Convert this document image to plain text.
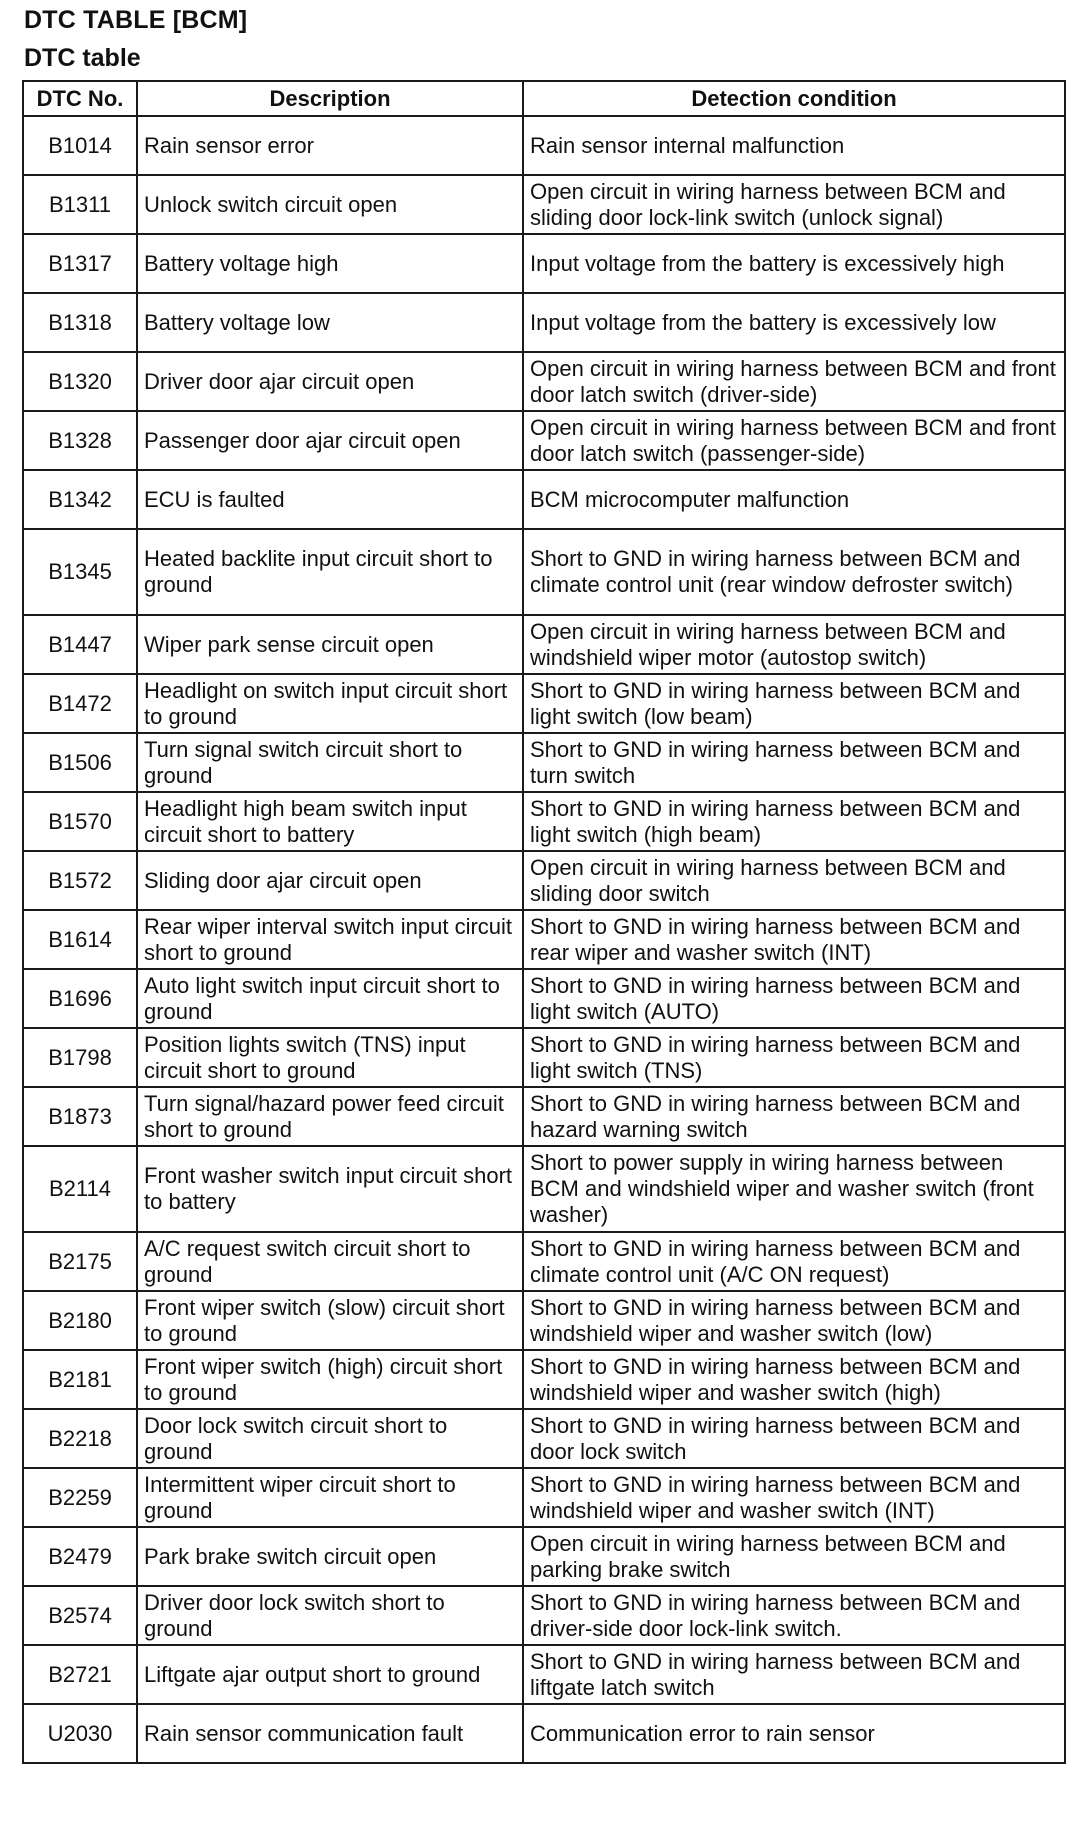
DTC TABLE [BCM]
DTC table
DTC No.	Description	Detection condition
B1014	Rain sensor error	Rain sensor internal malfunction
B1311	Unlock switch circuit open	Open circuit in wiring harness between BCM and sliding door lock-link switch (unlock signal)
B1317	Battery voltage high	Input voltage from the battery is excessively high
B1318	Battery voltage low	Input voltage from the battery is excessively low
B1320	Driver door ajar circuit open	Open circuit in wiring harness between BCM and front door latch switch (driver-side)
B1328	Passenger door ajar circuit open	Open circuit in wiring harness between BCM and front door latch switch (passenger-side)
B1342	ECU is faulted	BCM microcomputer malfunction
B1345	Heated backlite input circuit short to ground	Short to GND in wiring harness between BCM and climate control unit (rear window defroster switch)
B1447	Wiper park sense circuit open	Open circuit in wiring harness between BCM and windshield wiper motor (autostop switch)
B1472	Headlight on switch input circuit short to ground	Short to GND in wiring harness between BCM and light switch (low beam)
B1506	Turn signal switch circuit short to ground	Short to GND in wiring harness between BCM and turn switch
B1570	Headlight high beam switch input circuit short to battery	Short to GND in wiring harness between BCM and light switch (high beam)
B1572	Sliding door ajar circuit open	Open circuit in wiring harness between BCM and sliding door switch
B1614	Rear wiper interval switch input circuit short to ground	Short to GND in wiring harness between BCM and rear wiper and washer switch (INT)
B1696	Auto light switch input circuit short to ground	Short to GND in wiring harness between BCM and light switch (AUTO)
B1798	Position lights switch (TNS) input circuit short to ground	Short to GND in wiring harness between BCM and light switch (TNS)
B1873	Turn signal/hazard power feed circuit short to ground	Short to GND in wiring harness between BCM and hazard warning switch
B2114	Front washer switch input circuit short to battery	Short to power supply in wiring harness between BCM and windshield wiper and washer switch (front washer)
B2175	A/C request switch circuit short to ground	Short to GND in wiring harness between BCM and climate control unit (A/C ON request)
B2180	Front wiper switch (slow) circuit short to ground	Short to GND in wiring harness between BCM and windshield wiper and washer switch (low)
B2181	Front wiper switch (high) circuit short to ground	Short to GND in wiring harness between BCM and windshield wiper and washer switch (high)
B2218	Door lock switch circuit short to ground	Short to GND in wiring harness between BCM and door lock switch
B2259	Intermittent wiper circuit short to ground	Short to GND in wiring harness between BCM and windshield wiper and washer switch (INT)
B2479	Park brake switch circuit open	Open circuit in wiring harness between BCM and parking brake switch
B2574	Driver door lock switch short to ground	Short to GND in wiring harness between BCM and driver-side door lock-link switch.
B2721	Liftgate ajar output short to ground	Short to GND in wiring harness between BCM and liftgate latch switch
U2030	Rain sensor communication fault	Communication error to rain sensor
